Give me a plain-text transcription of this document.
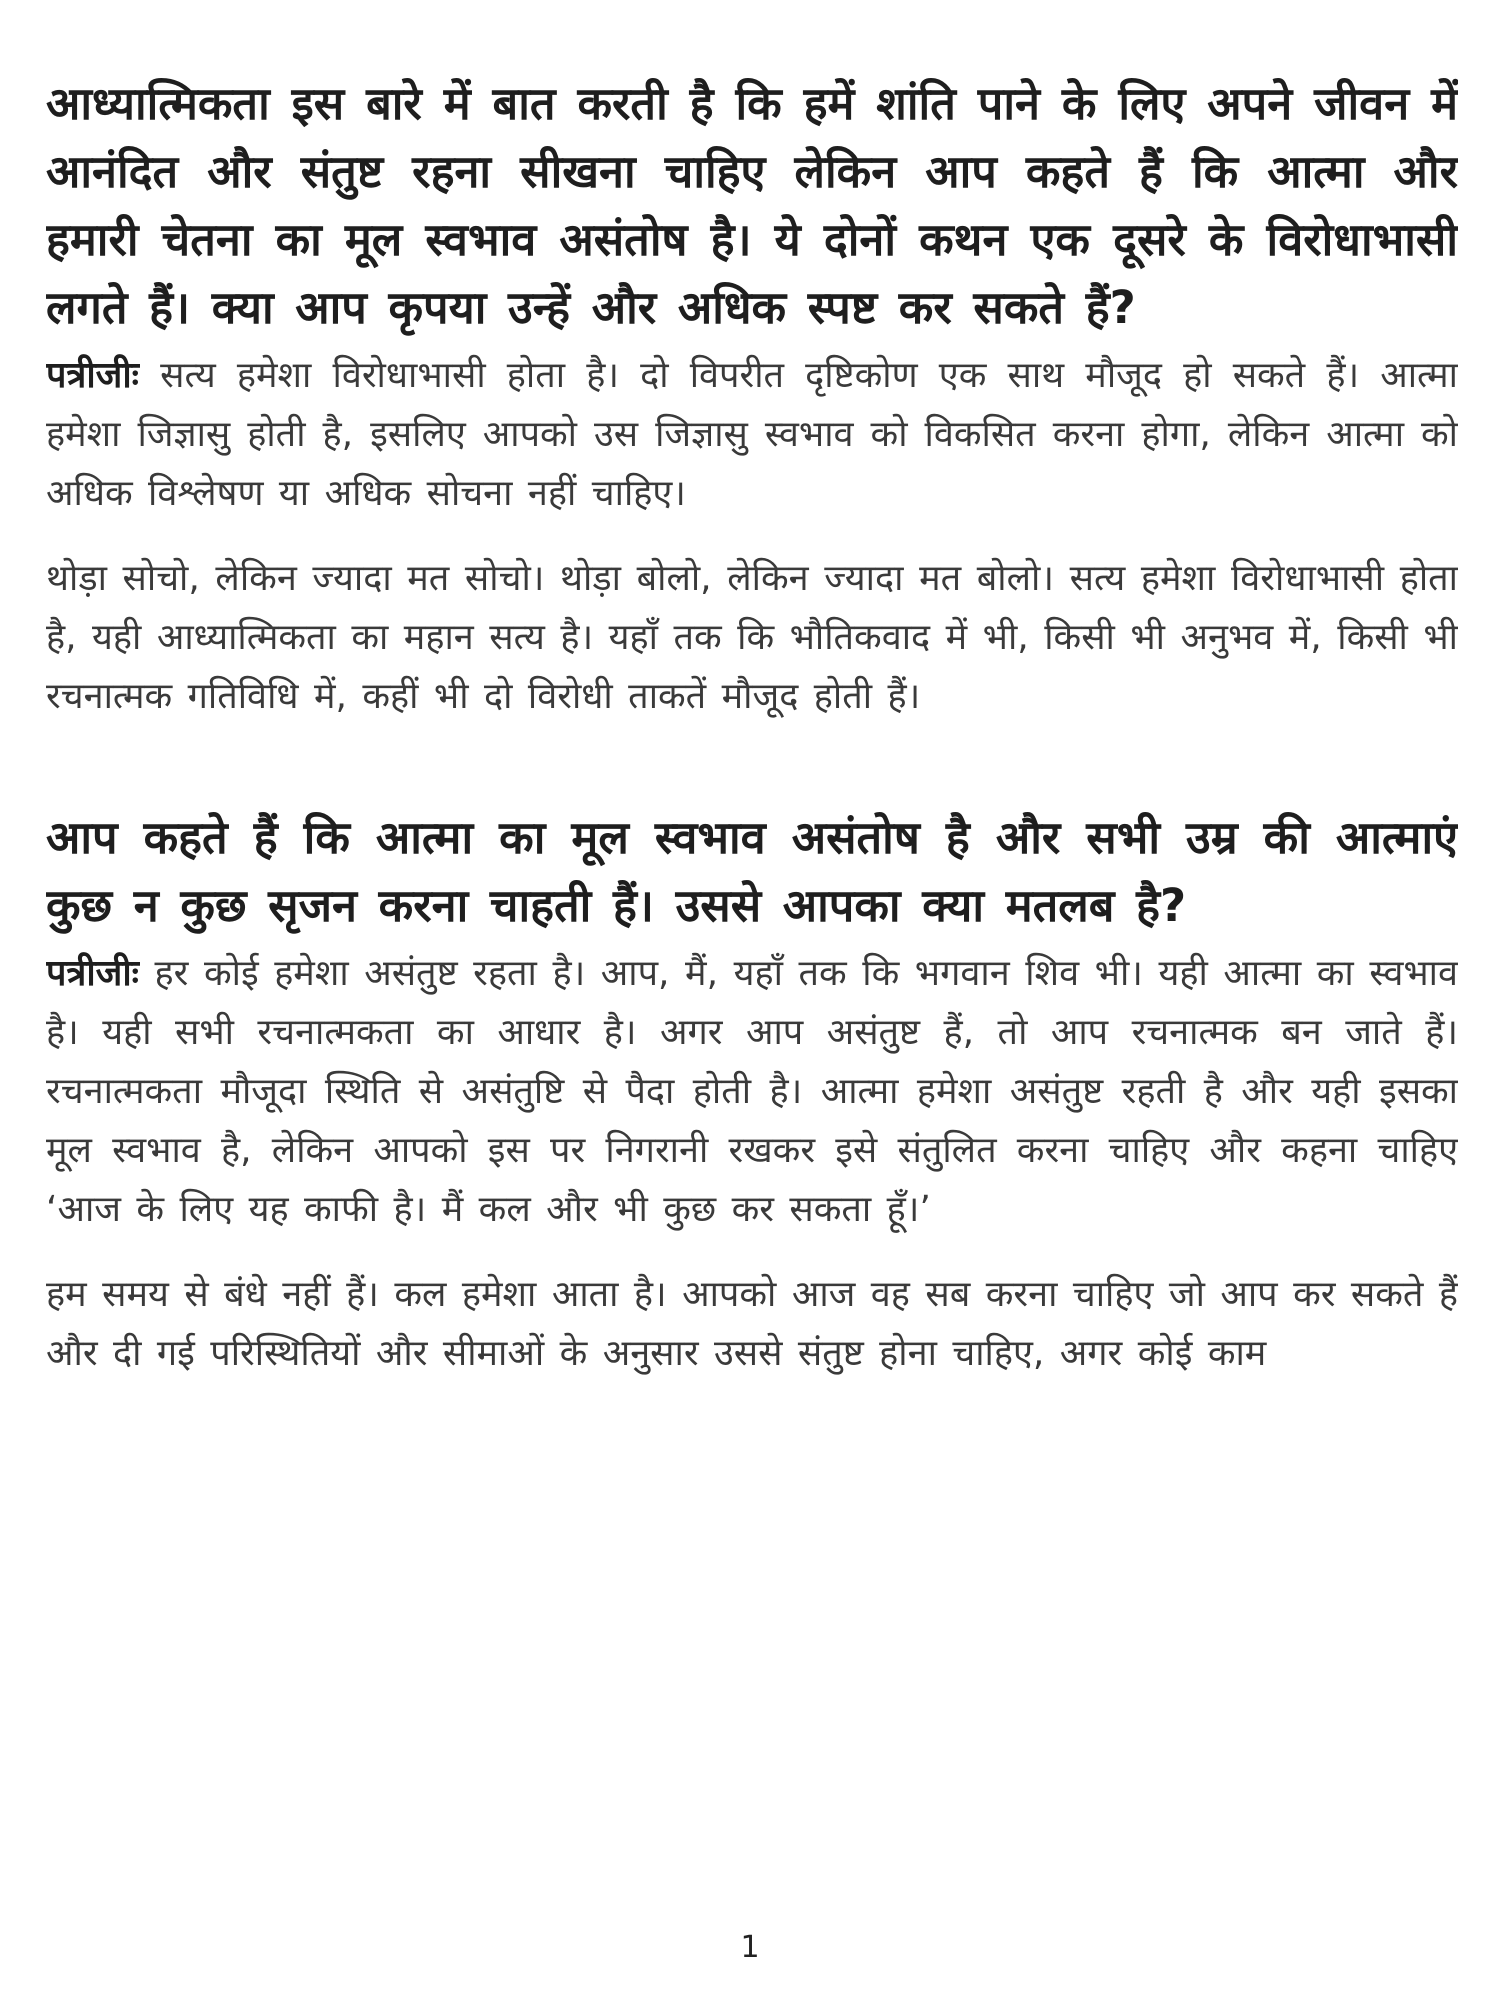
आध्यात्मिकता इस बारे में बात करती है कि हमें शांति पाने के लिए अपने जीवन में आनंदित और संतुष्ट रहना सीखना चाहिए लेकिन आप कहते हैं कि आत्मा और हमारी चेतना का मूल स्वभाव असंतोष है। ये दोनों कथन एक दूसरे के विरोधाभासी लगते हैं। क्या आप कृपया उन्हें और अधिक स्पष्ट कर सकते हैं?

पत्रीजीः सत्य हमेशा विरोधाभासी होता है। दो विपरीत दृष्टिकोण एक साथ मौजूद हो सकते हैं। आत्मा हमेशा जिज्ञासु होती है, इसलिए आपको उस जिज्ञासु स्वभाव को विकसित करना होगा, लेकिन आत्मा को अधिक विश्लेषण या अधिक सोचना नहीं चाहिए।

थोड़ा सोचो, लेकिन ज्यादा मत सोचो। थोड़ा बोलो, लेकिन ज्यादा मत बोलो। सत्य हमेशा विरोधाभासी होता है, यही आध्यात्मिकता का महान सत्य है। यहाँ तक कि भौतिकवाद में भी, किसी भी अनुभव में, किसी भी रचनात्मक गतिविधि में, कहीं भी दो विरोधी ताकतें मौजूद होती हैं।

आप कहते हैं कि आत्मा का मूल स्वभाव असंतोष है और सभी उम्र की आत्माएं कुछ न कुछ सृजन करना चाहती हैं। उससे आपका क्या मतलब है?

पत्रीजीः हर कोई हमेशा असंतुष्ट रहता है। आप, मैं, यहाँ तक कि भगवान शिव भी। यही आत्मा का स्वभाव है। यही सभी रचनात्मकता का आधार है। अगर आप असंतुष्ट हैं, तो आप रचनात्मक बन जाते हैं। रचनात्मकता मौजूदा स्थिति से असंतुष्टि से पैदा होती है। आत्मा हमेशा असंतुष्ट रहती है और यही इसका मूल स्वभाव है, लेकिन आपको इस पर निगरानी रखकर इसे संतुलित करना चाहिए और कहना चाहिए ‘आज के लिए यह काफी है। मैं कल और भी कुछ कर सकता हूँ।’

हम समय से बंधे नहीं हैं। कल हमेशा आता है। आपको आज वह सब करना चाहिए जो आप कर सकते हैं और दी गई परिस्थितियों और सीमाओं के अनुसार उससे संतुष्ट होना चाहिए, अगर कोई काम

1
